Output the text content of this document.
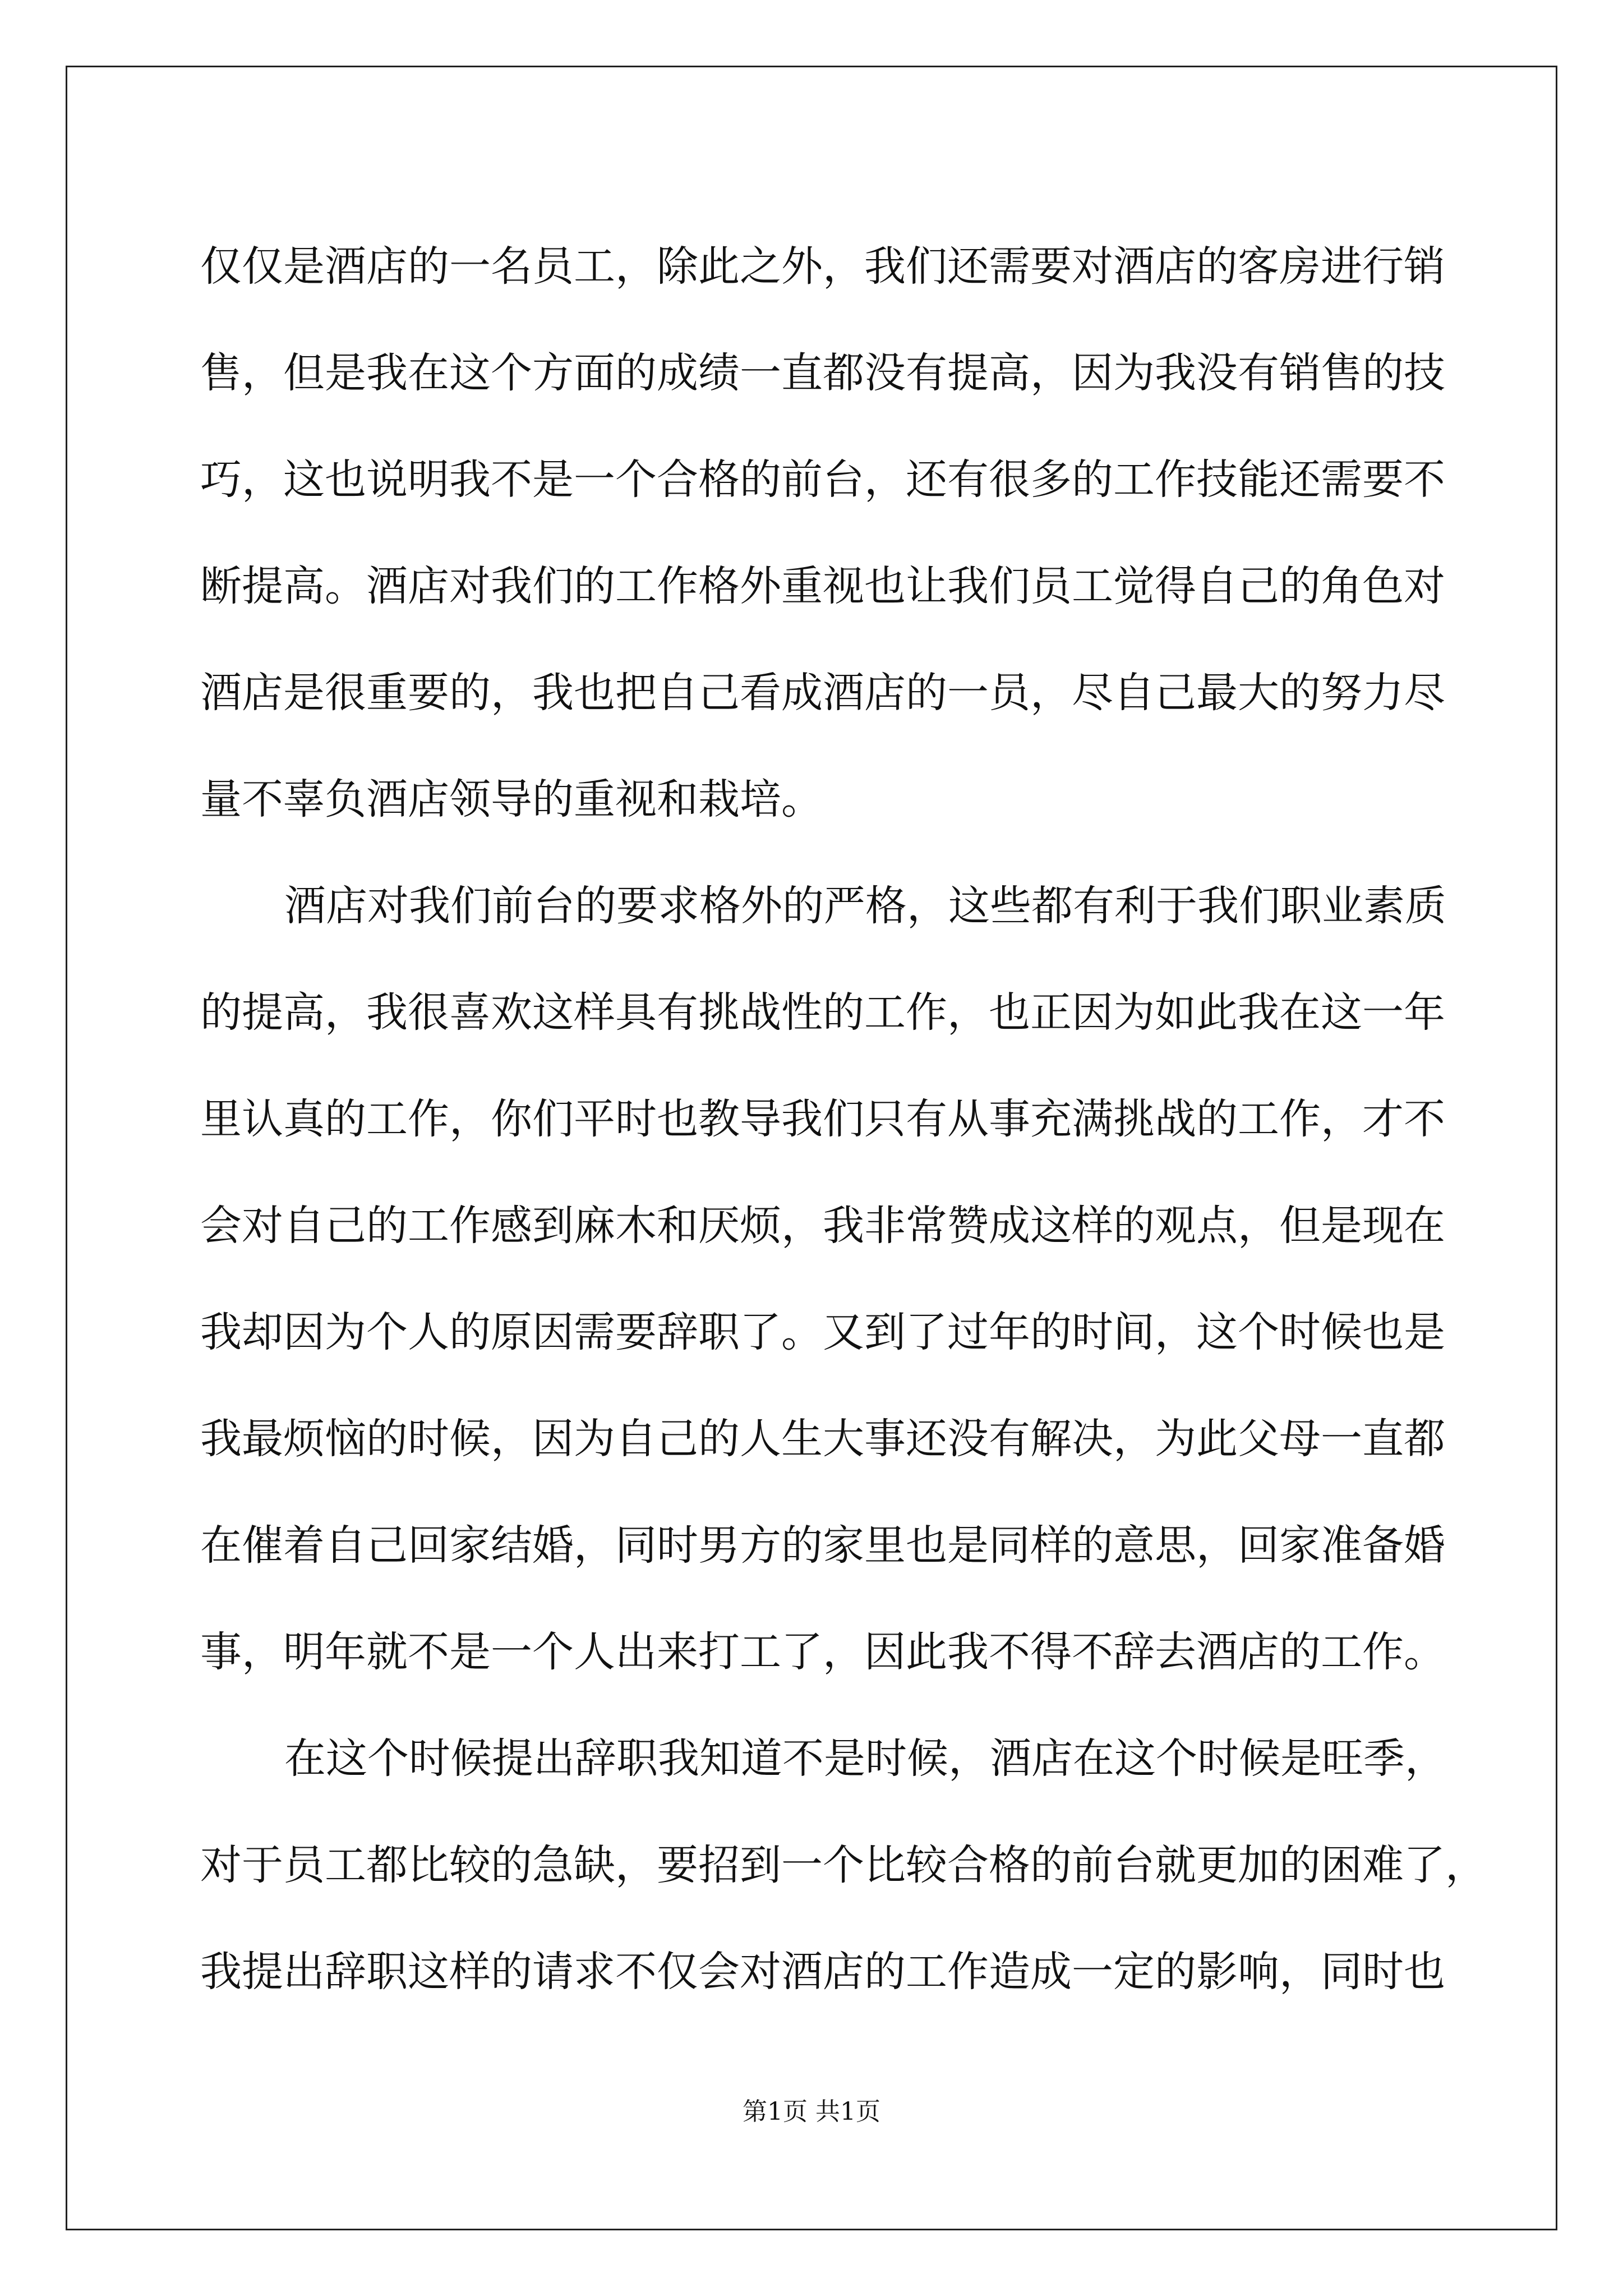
仅仅是酒店的一名员工，除此之外，我们还需要对酒店的客房进行销
售，但是我在这个方面的成绩一直都没有提高，因为我没有销售的技
巧，这也说明我不是一个合格的前台，还有很多的工作技能还需要不
断提高。酒店对我们的工作格外重视也让我们员工觉得自己的角色对
酒店是很重要的，我也把自己看成酒店的一员，尽自己最大的努力尽
量不辜负酒店领导的重视和栽培。
酒店对我们前台的要求格外的严格，这些都有利于我们职业素质
的提高，我很喜欢这样具有挑战性的工作，也正因为如此我在这一年
里认真的工作，你们平时也教导我们只有从事充满挑战的工作，才不
会对自己的工作感到麻木和厌烦，我非常赞成这样的观点，但是现在
我却因为个人的原因需要辞职了。又到了过年的时间，这个时候也是
我最烦恼的时候，因为自己的人生大事还没有解决，为此父母一直都
在催着自己回家结婚，同时男方的家里也是同样的意思，回家准备婚
事，明年就不是一个人出来打工了，因此我不得不辞去酒店的工作。
在这个时候提出辞职我知道不是时候，酒店在这个时候是旺季，
对于员工都比较的急缺，要招到一个比较合格的前台就更加的困难了，
我提出辞职这样的请求不仅会对酒店的工作造成一定的影响，同时也
第1页 共1页
